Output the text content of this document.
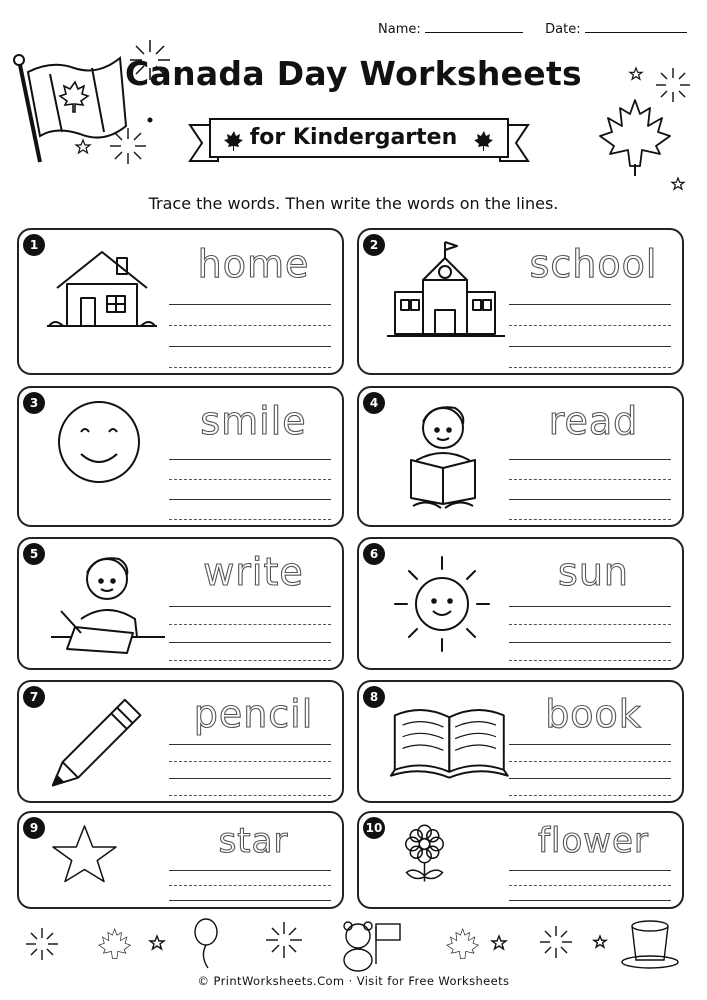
Name:	Date:
Canada Day Worksheets
for Kindergarten
Trace the words. Then write the words on the lines.
1	home	2	school
3	smile	4	read
5	write	6	sun
7	pencil	8	book
9	star	10	flower
© PrintWorksheets.Com · Visit for Free Worksheets
